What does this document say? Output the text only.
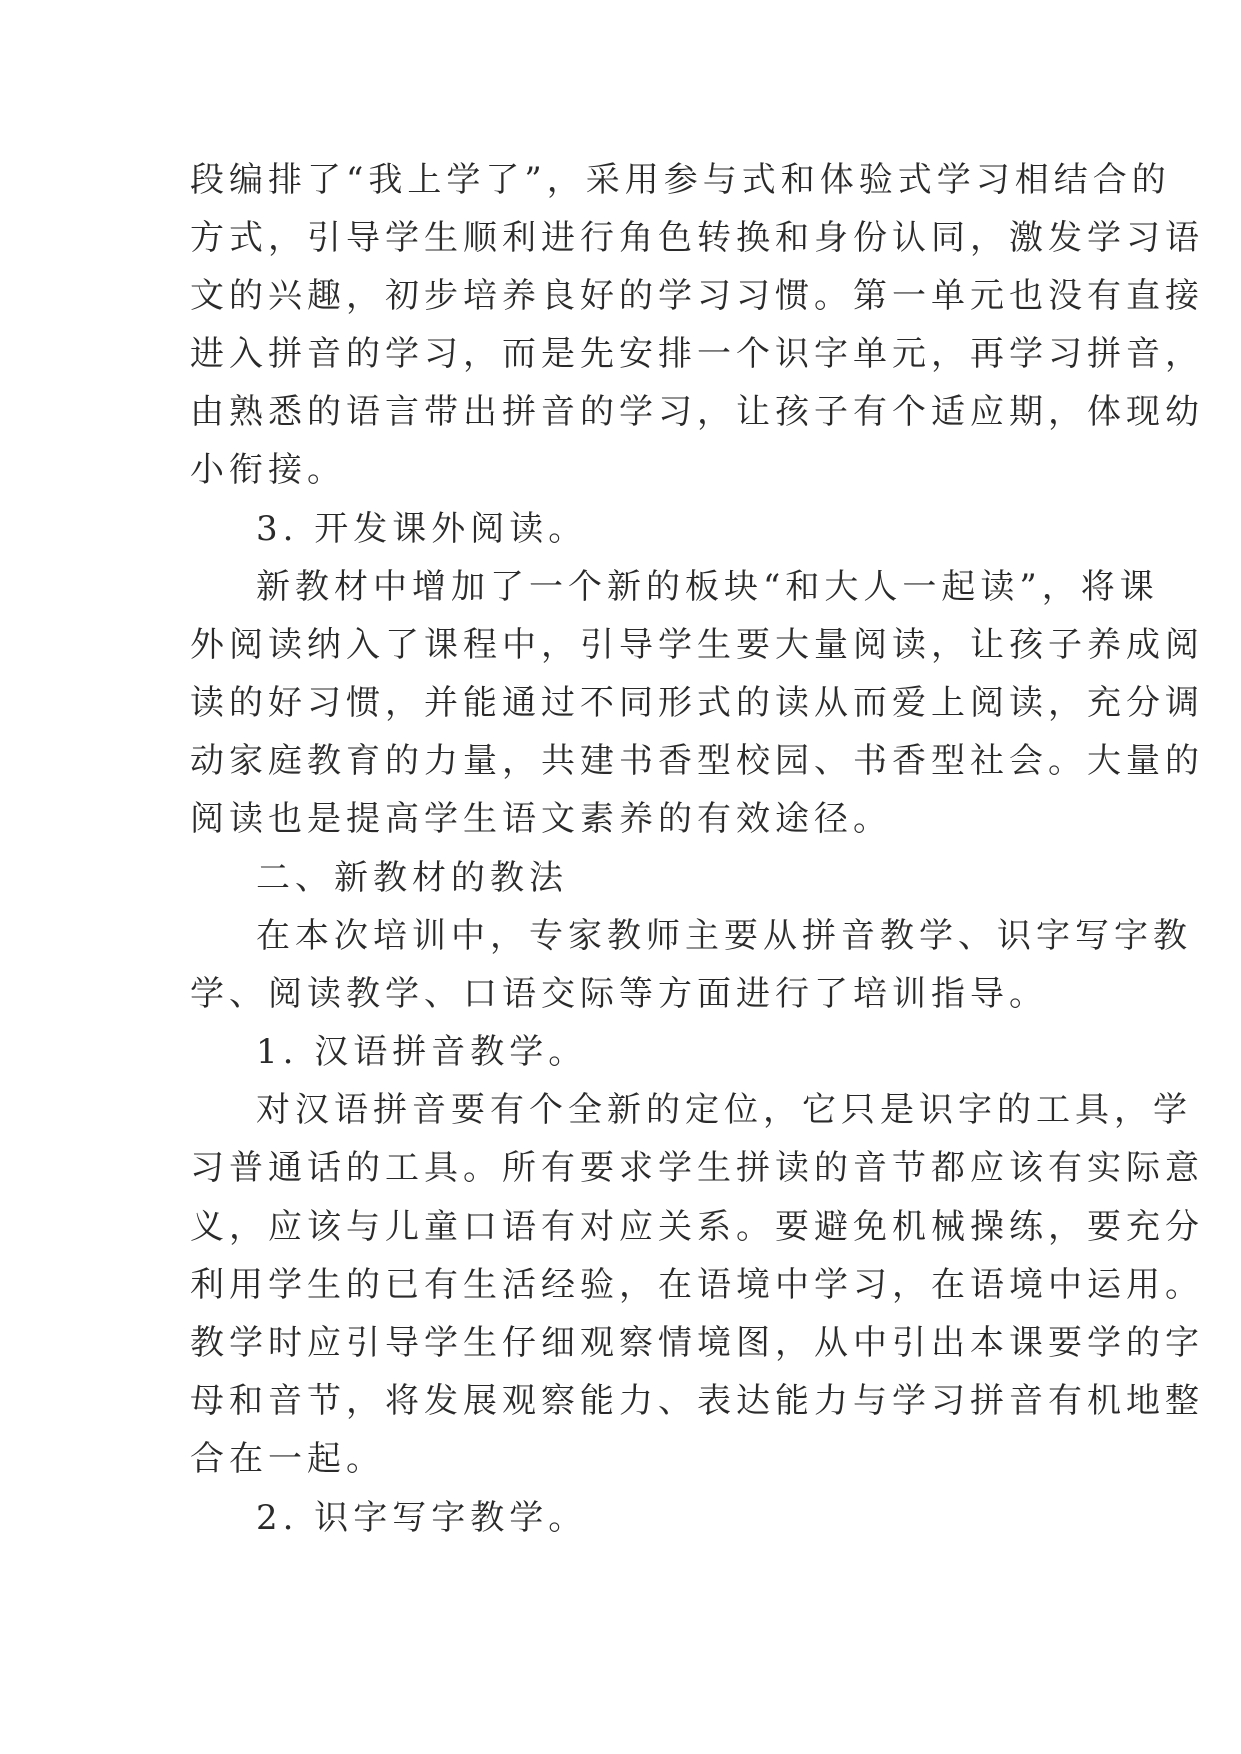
段编排了“我上学了”，采用参与式和体验式学习相结合的
方式，引导学生顺利进行角色转换和身份认同，激发学习语
文的兴趣，初步培养良好的学习习惯。第一单元也没有直接
进入拼音的学习，而是先安排一个识字单元，再学习拼音，
由熟悉的语言带出拼音的学习，让孩子有个适应期，体现幼
小衔接。
3. 开发课外阅读。
新教材中增加了一个新的板块“和大人一起读”，将课
外阅读纳入了课程中，引导学生要大量阅读，让孩子养成阅
读的好习惯，并能通过不同形式的读从而爱上阅读，充分调
动家庭教育的力量，共建书香型校园、书香型社会。大量的
阅读也是提高学生语文素养的有效途径。
二、新教材的教法
在本次培训中，专家教师主要从拼音教学、识字写字教
学、阅读教学、口语交际等方面进行了培训指导。
1. 汉语拼音教学。
对汉语拼音要有个全新的定位，它只是识字的工具，学
习普通话的工具。所有要求学生拼读的音节都应该有实际意
义，应该与儿童口语有对应关系。要避免机械操练，要充分
利用学生的已有生活经验，在语境中学习，在语境中运用。
教学时应引导学生仔细观察情境图，从中引出本课要学的字
母和音节，将发展观察能力、表达能力与学习拼音有机地整
合在一起。
2. 识字写字教学。
